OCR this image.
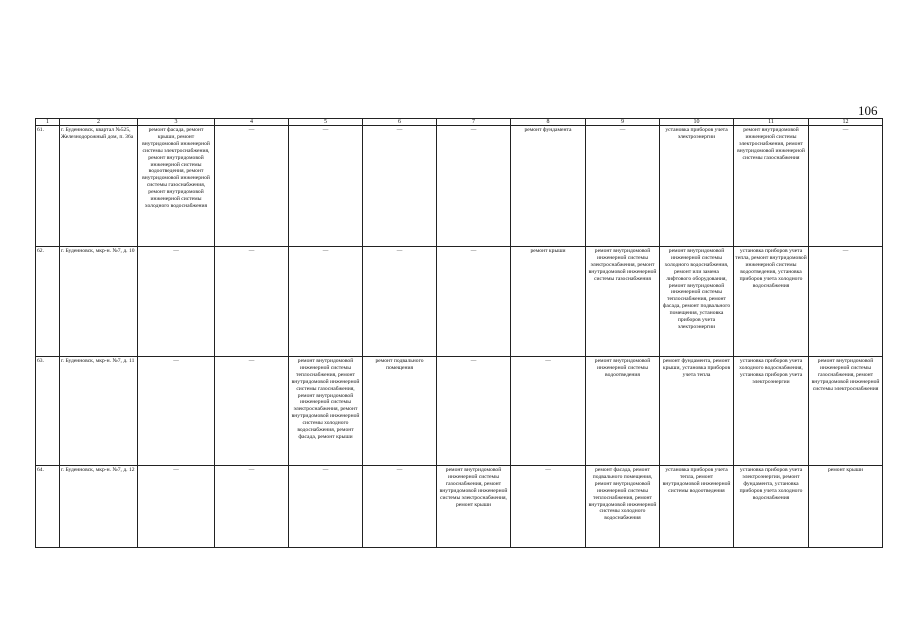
106
1	2	3	4	5	6	7	8	9	10	11	12
61.	г. Буденновск, квартал №525, Железнодорожный дом, п. 36а	ремонт фасада, ремонт крыши, ремонт внутридомовой инженерной системы электроснабжения, ремонт внутридомовой инженерной системы водоотведения, ремонт внутридомовой инженерной системы газоснабжения, ремонт внутридомовой инженерной системы холодного водоснабжения	—	—	—	—	ремонт фундамента	—	установка приборов учета электроэнергии	ремонт внутридомовой инженерной системы электроснабжения, ремонт внутридомовой инженерной системы газоснабжения	—
62.	г. Буденновск, мкр-н. №7, д. 10	—	—	—	—	—	ремонт крыши	ремонт внутридомовой инженерной системы электроснабжения, ремонт внутридомовой инженерной системы газоснабжения	ремонт внутридомовой инженерной системы холодного водоснабжения, ремонт или замена лифтового оборудования, ремонт внутридомовой инженерной системы теплоснабжения, ремонт фасада, ремонт подвального помещения, установка приборов учета электроэнергии	установка приборов учета тепла, ремонт внутридомовой инженерной системы водоотведения, установка приборов учета холодного водоснабжения	—
63.	г. Буденновск, мкр-н. №7, д. 11	—	—	ремонт внутридомовой инженерной системы теплоснабжения, ремонт внутридомовой инженерной системы газоснабжения, ремонт внутридомовой инженерной системы электроснабжения, ремонт внутридомовой инженерной системы холодного водоснабжения, ремонт фасада, ремонт крыши	ремонт подвального помещения	—	—	ремонт внутридомовой инженерной системы водоотведения	ремонт фундамента, ремонт крыши, установка приборов учета тепла	установка приборов учета холодного водоснабжения, установка приборов учета электроэнергии	ремонт внутридомовой инженерной системы газоснабжения, ремонт внутридомовой инженерной системы электроснабжения
64.	г. Буденновск, мкр-н. №7, д. 12	—	—	—	—	ремонт внутридомовой инженерной системы газоснабжения, ремонт внутридомовой инженерной системы электроснабжения, ремонт крыши	—	ремонт фасада, ремонт подвального помещения, ремонт внутридомовой инженерной системы теплоснабжения, ремонт внутридомовой инженерной системы холодного водоснабжения	установка приборов учета тепла, ремонт внутридомовой инженерной системы водоотведения	установка приборов учета электроэнергии, ремонт фундамента, установка приборов учета холодного водоснабжения	ремонт крыши
